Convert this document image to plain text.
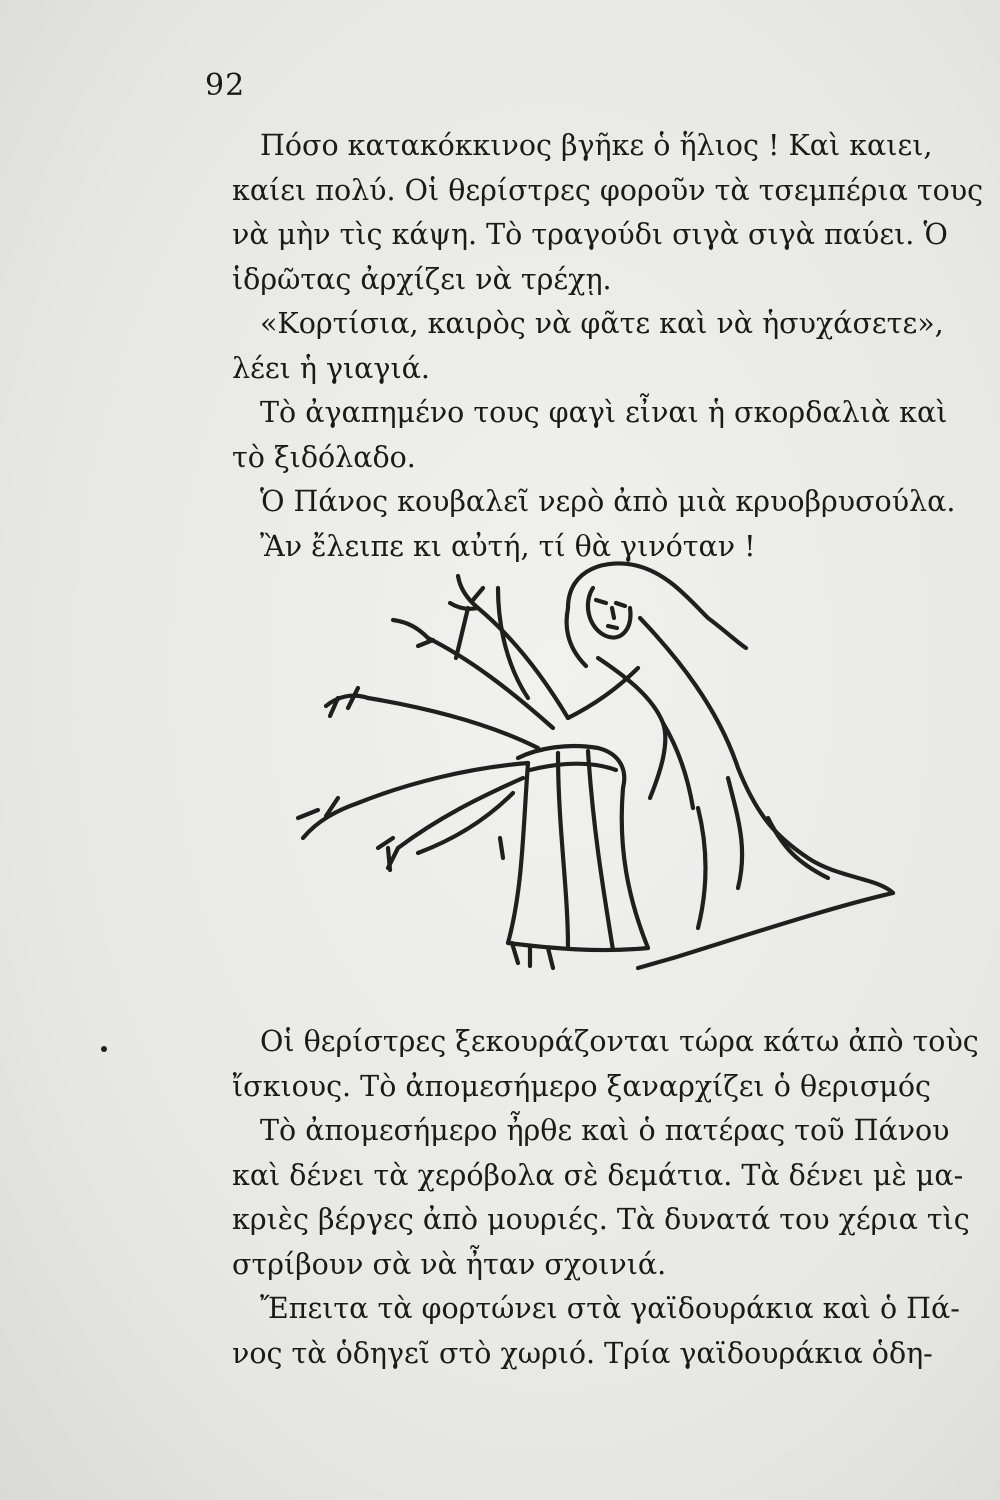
92
Πόσο κατακόκκινος βγῆκε ὁ ἥλιος ! Καὶ καιει,
καίει πολύ. Οἱ θερίστρες φοροῦν τὰ τσεμπέρια τους
νὰ μὴν τὶς κάψη. Τὸ τραγούδι σιγὰ σιγὰ παύει. Ὁ
ἱδρῶτας ἀρχίζει νὰ τρέχῃ.
«Κορτίσια, καιρὸς νὰ φᾶτε καὶ νὰ ἡσυχάσετε»,
λέει ἡ γιαγιά.
Τὸ ἀγαπημένο τους φαγὶ εἶναι ἡ σκορδαλιὰ καὶ
τὸ ξιδόλαδο.
Ὁ Πάνος κουβαλεῖ νερὸ ἀπὸ μιὰ κρυοβρυσούλα.
Ἂν ἔλειπε κι αὐτή, τί θὰ γινόταν !
Οἱ θερίστρες ξεκουράζονται τώρα κάτω ἀπὸ τοὺς
ἴσκιους. Τὸ ἀπομεσήμερο ξαναρχίζει ὁ θερισμός
Τὸ ἀπομεσήμερο ἦρθε καὶ ὁ πατέρας τοῦ Πάνου
καὶ δένει τὰ χερόβολα σὲ δεμάτια. Τὰ δένει μὲ μα-
κριὲς βέργες ἀπὸ μουριές. Τὰ δυνατά του χέρια τὶς
στρίβουν σὰ νὰ ἦταν σχοινιά.
Ἔπειτα τὰ φορτώνει στὰ γαϊδουράκια καὶ ὁ Πά-
νος τὰ ὁδηγεῖ στὸ χωριό. Τρία γαϊδουράκια ὁδη-
